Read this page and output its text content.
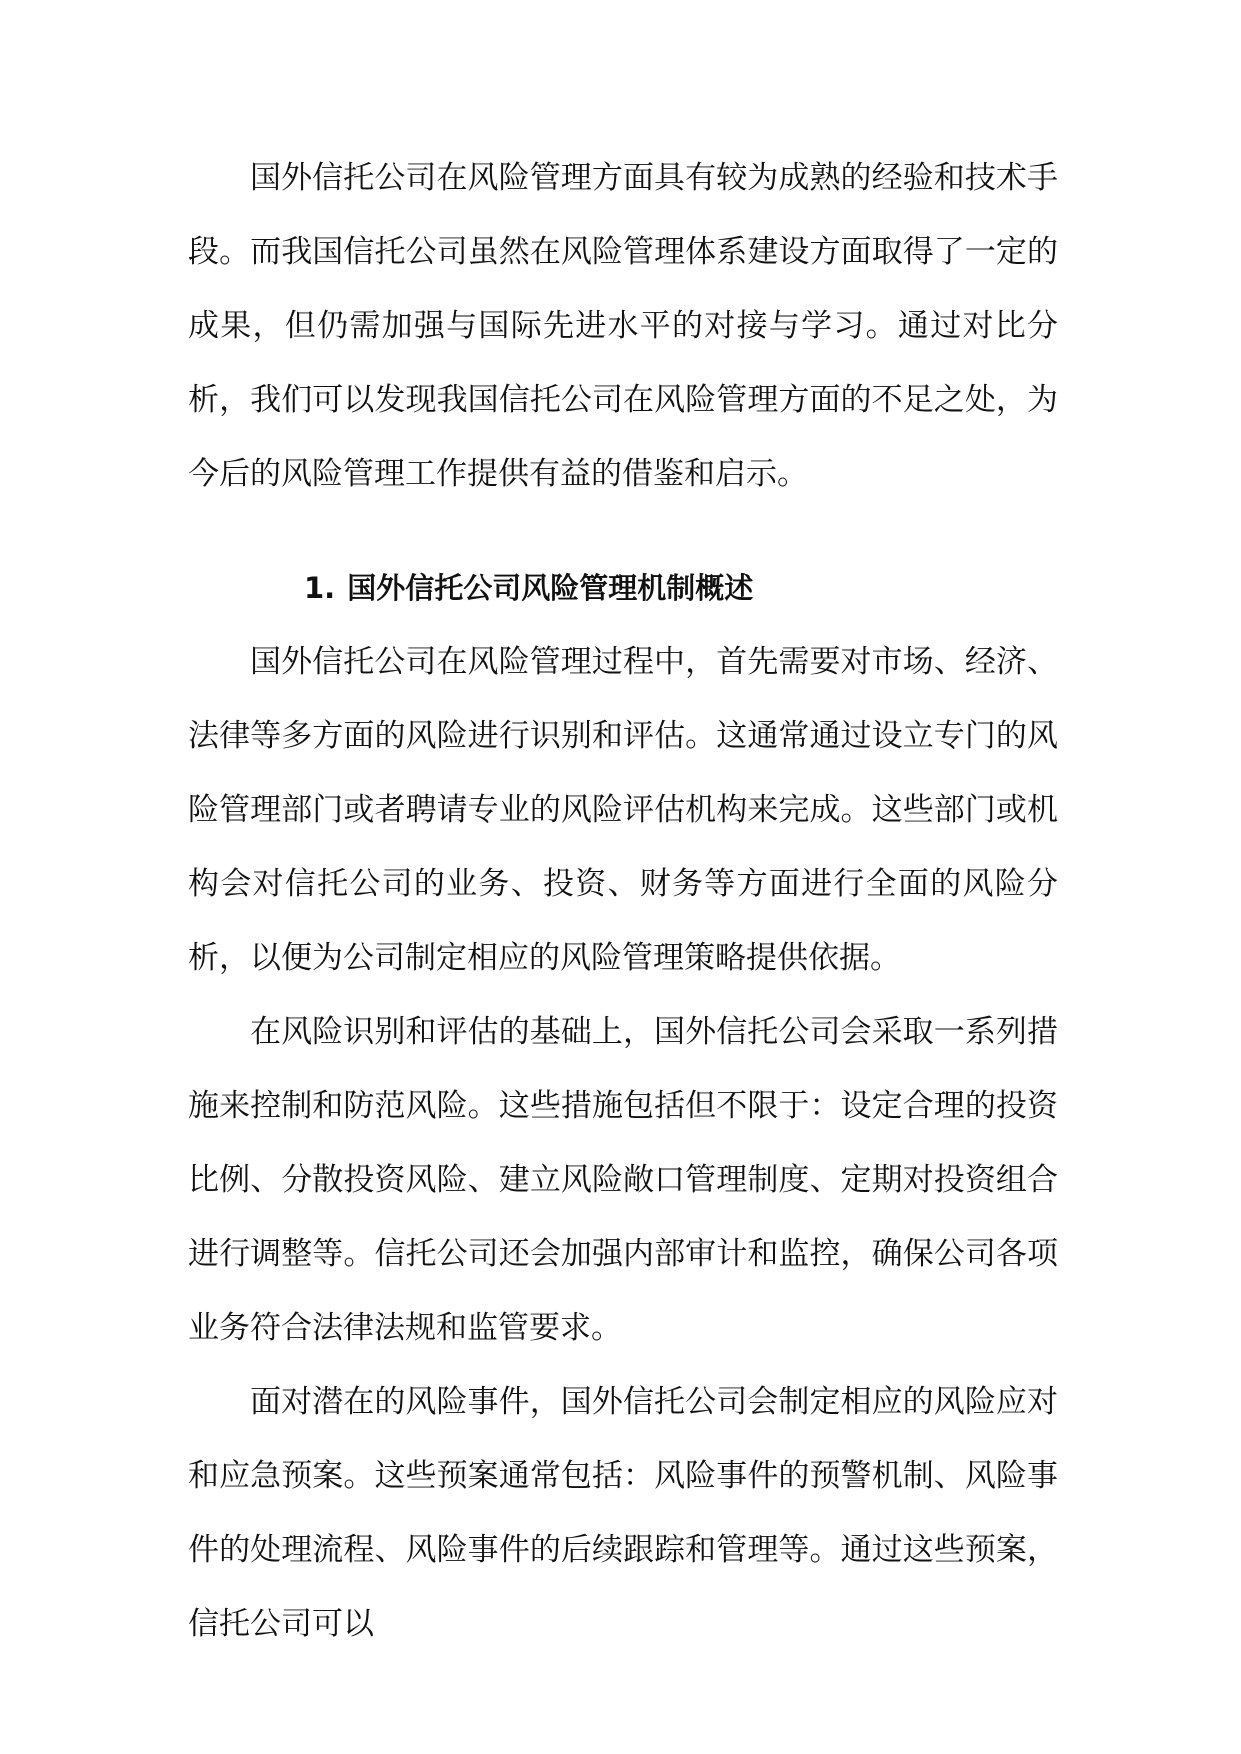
国外信托公司在风险管理方面具有较为成熟的经验和技术手段。而我国信托公司虽然在风险管理体系建设方面取得了一定的成果，但仍需加强与国际先进水平的对接与学习。通过对比分析，我们可以发现我国信托公司在风险管理方面的不足之处，为今后的风险管理工作提供有益的借鉴和启示。

1. 国外信托公司风险管理机制概述

国外信托公司在风险管理过程中，首先需要对市场、经济、法律等多方面的风险进行识别和评估。这通常通过设立专门的风险管理部门或者聘请专业的风险评估机构来完成。这些部门或机构会对信托公司的业务、投资、财务等方面进行全面的风险分析，以便为公司制定相应的风险管理策略提供依据。

在风险识别和评估的基础上，国外信托公司会采取一系列措施来控制和防范风险。这些措施包括但不限于：设定合理的投资比例、分散投资风险、建立风险敞口管理制度、定期对投资组合进行调整等。信托公司还会加强内部审计和监控，确保公司各项业务符合法律法规和监管要求。

面对潜在的风险事件，国外信托公司会制定相应的风险应对和应急预案。这些预案通常包括：风险事件的预警机制、风险事件的处理流程、风险事件的后续跟踪和管理等。通过这些预案，信托公司可以
